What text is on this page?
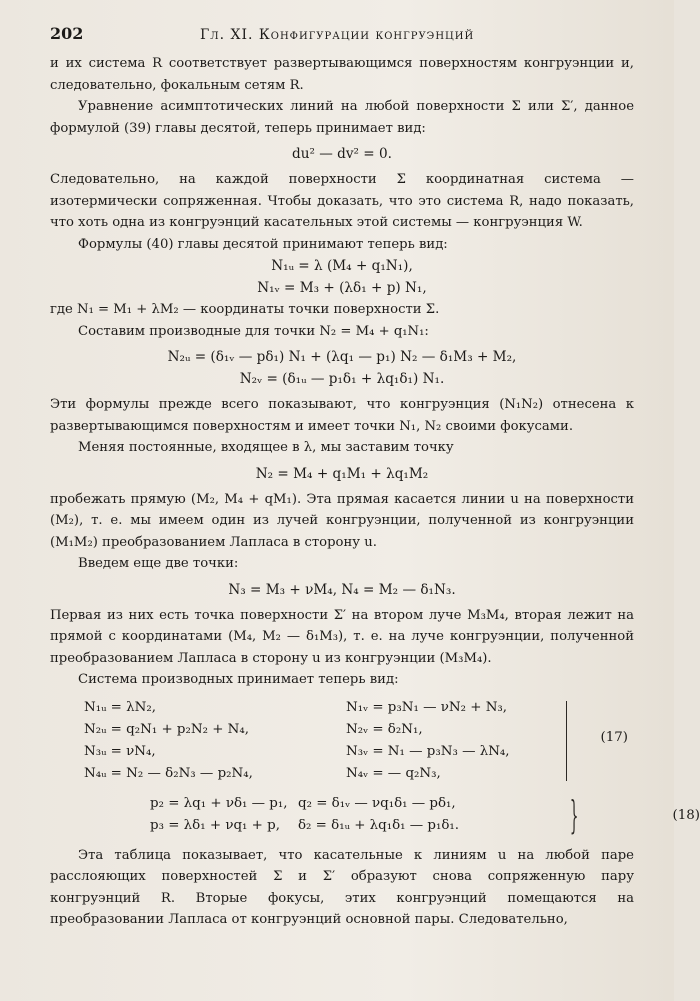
202	Гл. XI. Конфигурации конгруэнций

и их система R соответствует развертывающимся поверхностям конгруэнции и, следовательно, фокальным сетям R.

Уравнение асимптотических линий на любой поверхности Σ или Σ′, данное формулой (39) главы десятой, теперь принимает вид:

du² — dv² = 0.

Следовательно, на каждой поверхности Σ координатная система — изотермически сопряженная. Чтобы доказать, что это система R, надо показать, что хоть одна из конгруэнций касательных этой системы — конгруэнция W.

Формулы (40) главы десятой принимают теперь вид:

N₁ᵤ = λ (M₄ + q₁N₁),
N₁ᵥ = M₃ + (λδ₁ + p) N₁,

где N₁ = M₁ + λM₂ — координаты точки поверхности Σ.

Составим производные для точки N₂ = M₄ + q₁N₁:

N₂ᵤ = (δ₁ᵥ — pδ₁) N₁ + (λq₁ — p₁) N₂ — δ₁M₃ + M₂,
N₂ᵥ = (δ₁ᵤ — p₁δ₁ + λq₁δ₁) N₁.

Эти формулы прежде всего показывают, что конгруэнция (N₁N₂) отнесена к развертывающимся поверхностям и имеет точки N₁, N₂ своими фокусами.

Меняя постоянные, входящее в λ, мы заставим точку

N₂ = M₄ + q₁M₁ + λq₁M₂

пробежать прямую (M₂, M₄ + qM₁). Эта прямая касается линии u на поверхности (M₂), т. е. мы имеем один из лучей конгруэнции, полученной из конгруэнции (M₁M₂) преобразованием Лапласа в сторону u.

Введем еще две точки:

N₃ = M₃ + νM₄, N₄ = M₂ — δ₁N₃.

Первая из них есть точка поверхности Σ′ на втором луче M₃M₄, вторая лежит на прямой с координатами (M₄, M₂ — δ₁M₃), т. е. на луче конгруэнции, полученной преобразованием Лапласа в сторону u из конгруэнции (M₃M₄).

Система производных принимает теперь вид:

N₁ᵤ = λN₂,	N₁ᵥ = p₃N₁ — νN₂ + N₃,
N₂ᵤ = q₂N₁ + p₂N₂ + N₄,	N₂ᵥ = δ₂N₁,
N₃ᵤ = νN₄,	N₃ᵥ = N₁ — p₃N₃ — λN₄,
N₄ᵤ = N₂ — δ₂N₃ — p₂N₄,	N₄ᵥ = — q₂N₃,
(17)
p₂ = λq₁ + νδ₁ — p₁, q₂ = δ₁ᵥ — νq₁δ₁ — pδ₁,
p₃ = λδ₁ + νq₁ + p,	δ₂ = δ₁ᵤ + λq₁δ₁ — p₁δ₁.	}	(18)

Эта таблица показывает, что касательные к линиям u на любой паре расслояющих поверхностей Σ и Σ′ образуют снова сопряженную пару конгруэнций R. Вторые фокусы, этих конгруэнций помещаются на преобразовании Лапласа от конгруэнций основной пары. Следовательно,
